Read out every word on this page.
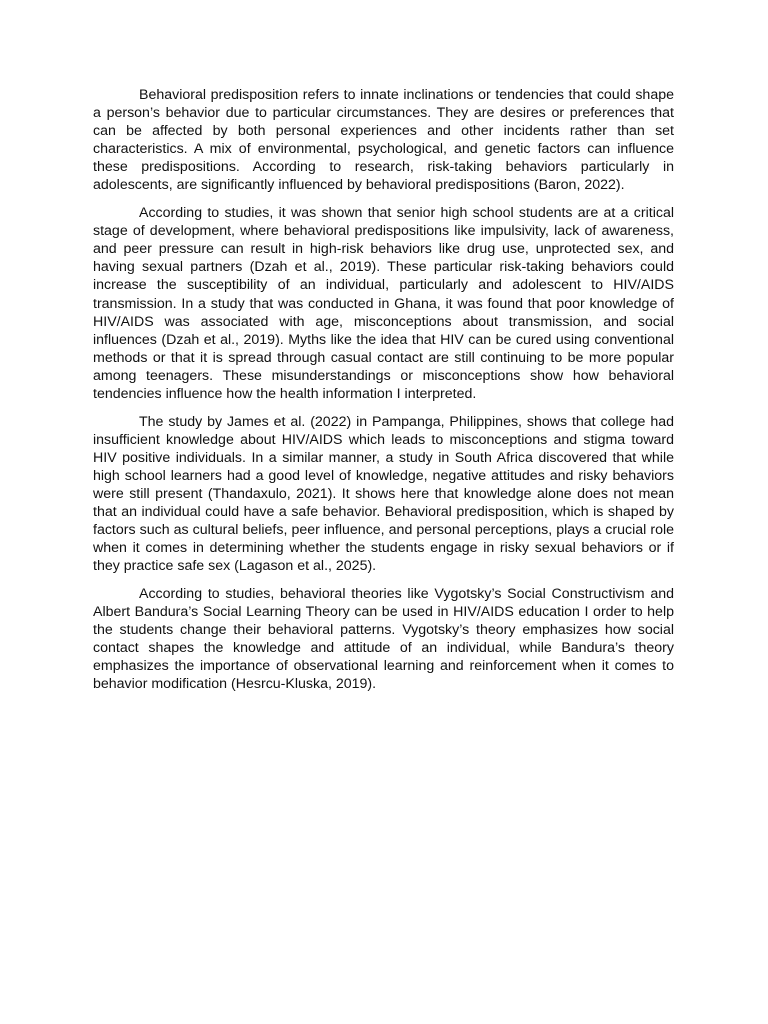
Behavioral predisposition refers to innate inclinations or tendencies that could shape a person’s behavior due to particular circumstances. They are desires or preferences that can be affected by both personal experiences and other incidents rather than set characteristics. A mix of environmental, psychological, and genetic factors can influence these predispositions. According to research, risk-taking behaviors particularly in adolescents, are significantly influenced by behavioral predispositions (Baron, 2022).

According to studies, it was shown that senior high school students are at a critical stage of development, where behavioral predispositions like impulsivity, lack of awareness, and peer pressure can result in high-risk behaviors like drug use, unprotected sex, and having sexual partners (Dzah et al., 2019). These particular risk-taking behaviors could increase the susceptibility of an individual, particularly and adolescent to HIV/AIDS transmission. In a study that was conducted in Ghana, it was found that poor knowledge of HIV/AIDS was associated with age, misconceptions about transmission, and social influences (Dzah et al., 2019). Myths like the idea that HIV can be cured using conventional methods or that it is spread through casual contact are still continuing to be more popular among teenagers. These misunderstandings or misconceptions show how behavioral tendencies influence how the health information I interpreted.

The study by James et al. (2022) in Pampanga, Philippines, shows that college had insufficient knowledge about HIV/AIDS which leads to misconceptions and stigma toward HIV positive individuals. In a similar manner, a study in South Africa discovered that while high school learners had a good level of knowledge, negative attitudes and risky behaviors were still present (Thandaxulo, 2021). It shows here that knowledge alone does not mean that an individual could have a safe behavior. Behavioral predisposition, which is shaped by factors such as cultural beliefs, peer influence, and personal perceptions, plays a crucial role when it comes in determining whether the students engage in risky sexual behaviors or if they practice safe sex (Lagason et al., 2025).

According to studies, behavioral theories like Vygotsky’s Social Constructivism and Albert Bandura’s Social Learning Theory can be used in HIV/AIDS education I order to help the students change their behavioral patterns. Vygotsky’s theory emphasizes how social contact shapes the knowledge and attitude of an individual, while Bandura’s theory emphasizes the importance of observational learning and reinforcement when it comes to behavior modification (Hesrcu-Kluska, 2019).
